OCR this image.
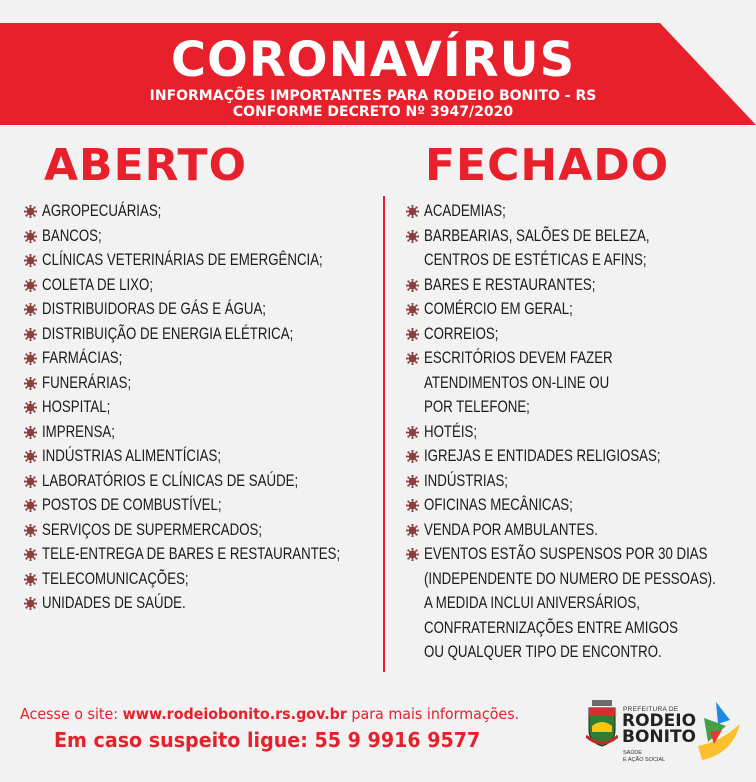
CORONAVÍRUS
INFORMAÇÕES IMPORTANTES PARA RODEIO BONITO - RS
CONFORME DECRETO Nº 3947/2020
ABERTO	FECHADO
AGROPECUÁRIAS;
BANCOS;
CLÍNICAS VETERINÁRIAS DE EMERGÊNCIA;
COLETA DE LIXO;
DISTRIBUIDORAS DE GÁS E ÁGUA;
DISTRIBUIÇÃO DE ENERGIA ELÉTRICA;
FARMÁCIAS;
FUNERÁRIAS;
HOSPITAL;
IMPRENSA;
INDÚSTRIAS ALIMENTÍCIAS;
LABORATÓRIOS E CLÍNICAS DE SAÚDE;
POSTOS DE COMBUSTÍVEL;
SERVIÇOS DE SUPERMERCADOS;
TELE-ENTREGA DE BARES E RESTAURANTES;
TELECOMUNICAÇÕES;
UNIDADES DE SAÚDE.
ACADEMIAS;
BARBEARIAS, SALÕES DE BELEZA,
CENTROS DE ESTÉTICAS E AFINS;
BARES E RESTAURANTES;
COMÉRCIO EM GERAL;
CORREIOS;
ESCRITÓRIOS DEVEM FAZER
ATENDIMENTOS ON-LINE OU
POR TELEFONE;
HOTÉIS;
IGREJAS E ENTIDADES RELIGIOSAS;
INDÚSTRIAS;
OFICINAS MECÂNICAS;
VENDA POR AMBULANTES.
EVENTOS ESTÃO SUSPENSOS POR 30 DIAS
(INDEPENDENTE DO NUMERO DE PESSOAS).
A MEDIDA INCLUI ANIVERSÁRIOS,
CONFRATERNIZAÇÕES ENTRE AMIGOS
OU QUALQUER TIPO DE ENCONTRO.
Acesse o site: www.rodeiobonito.rs.gov.br para mais informações.
Em caso suspeito ligue: 55 9 9916 9577
PREFEITURA DE
RODEIO
BONITO
SAÚDE
E AÇÃO SOCIAL
